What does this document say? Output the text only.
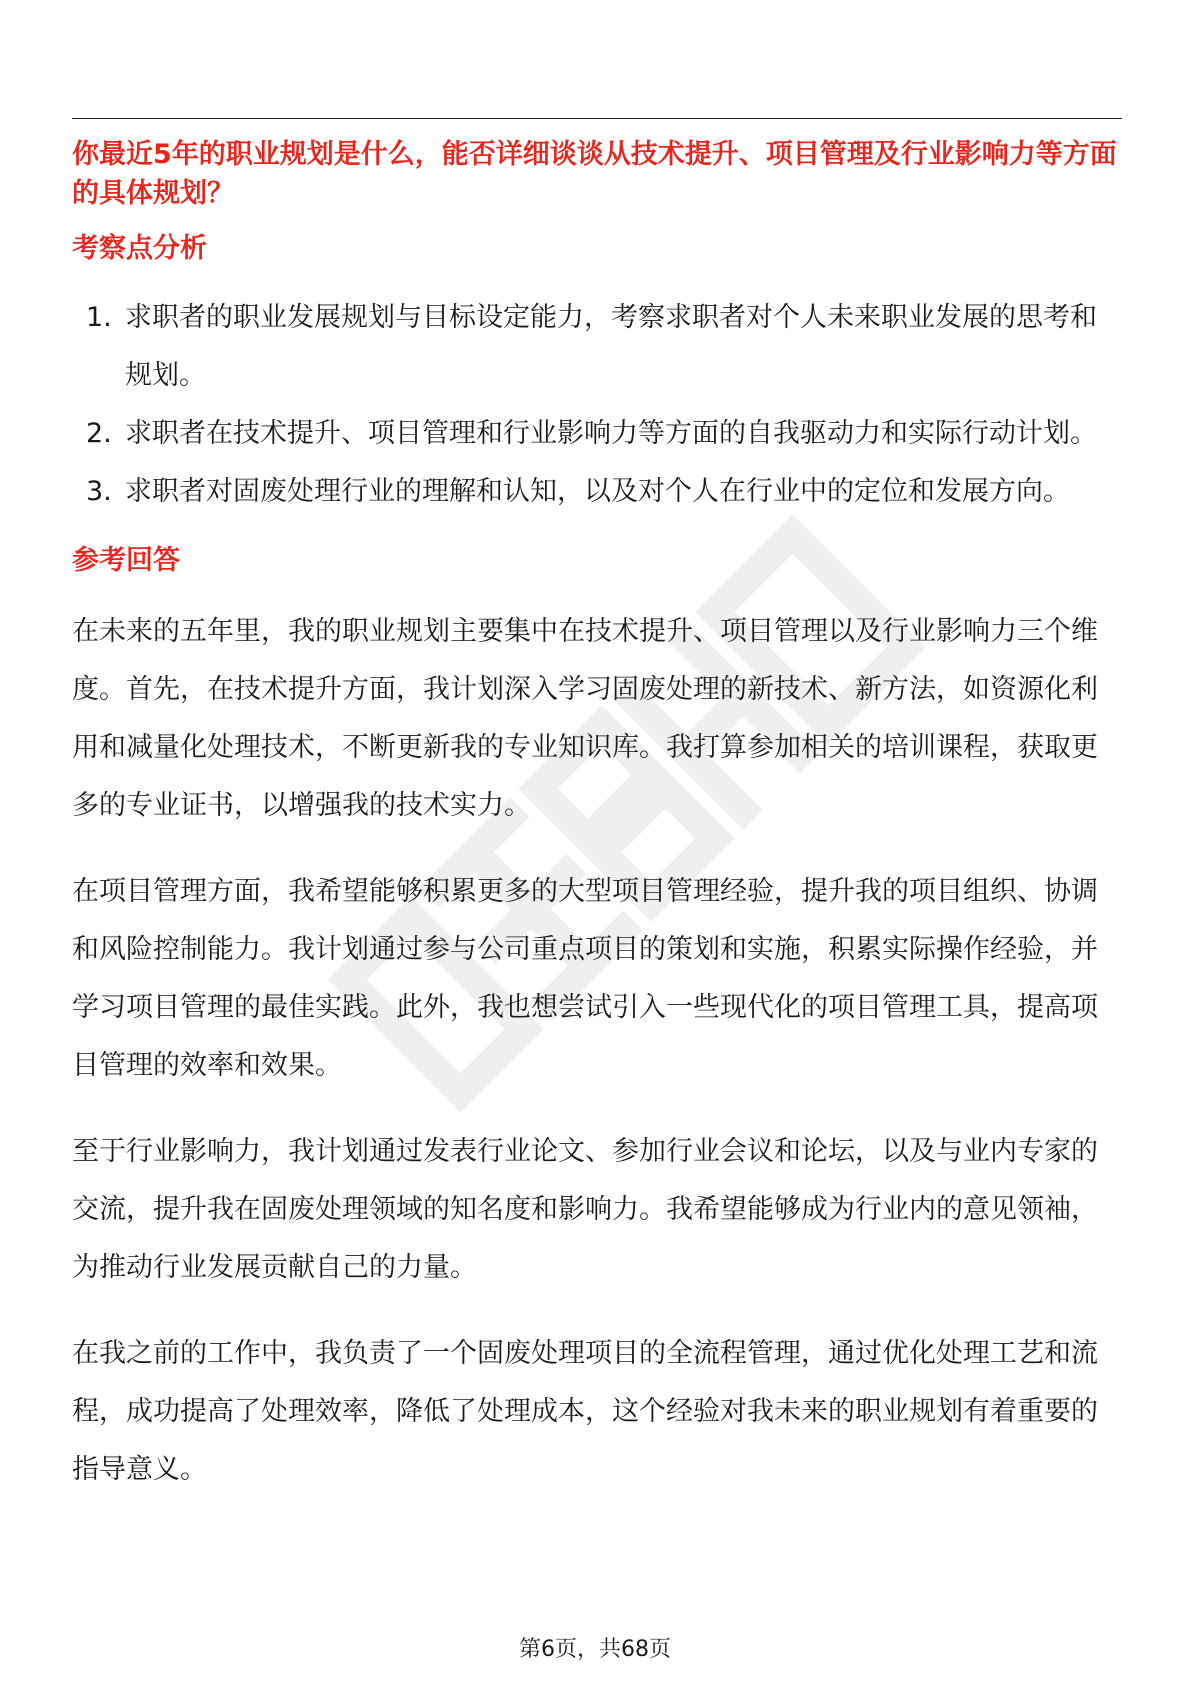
你最近5年的职业规划是什么，能否详细谈谈从技术提升、项目管理及行业影响力等方面的具体规划？

考察点分析
1. 求职者的职业发展规划与目标设定能力，考察求职者对个人未来职业发展的思考和规划。
2. 求职者在技术提升、项目管理和行业影响力等方面的自我驱动力和实际行动计划。
3. 求职者对固废处理行业的理解和认知，以及对个人在行业中的定位和发展方向。
参考回答

在未来的五年里，我的职业规划主要集中在技术提升、项目管理以及行业影响力三个维度。首先，在技术提升方面，我计划深入学习固废处理的新技术、新方法，如资源化利用和减量化处理技术，不断更新我的专业知识库。我打算参加相关的培训课程，获取更多的专业证书，以增强我的技术实力。

在项目管理方面，我希望能够积累更多的大型项目管理经验，提升我的项目组织、协调和风险控制能力。我计划通过参与公司重点项目的策划和实施，积累实际操作经验，并学习项目管理的最佳实践。此外，我也想尝试引入一些现代化的项目管理工具，提高项目管理的效率和效果。

至于行业影响力，我计划通过发表行业论文、参加行业会议和论坛，以及与业内专家的交流，提升我在固废处理领域的知名度和影响力。我希望能够成为行业内的意见领袖，为推动行业发展贡献自己的力量。

在我之前的工作中，我负责了一个固废处理项目的全流程管理，通过优化处理工艺和流程，成功提高了处理效率，降低了处理成本，这个经验对我未来的职业规划有着重要的指导意义。

第6页，共68页
